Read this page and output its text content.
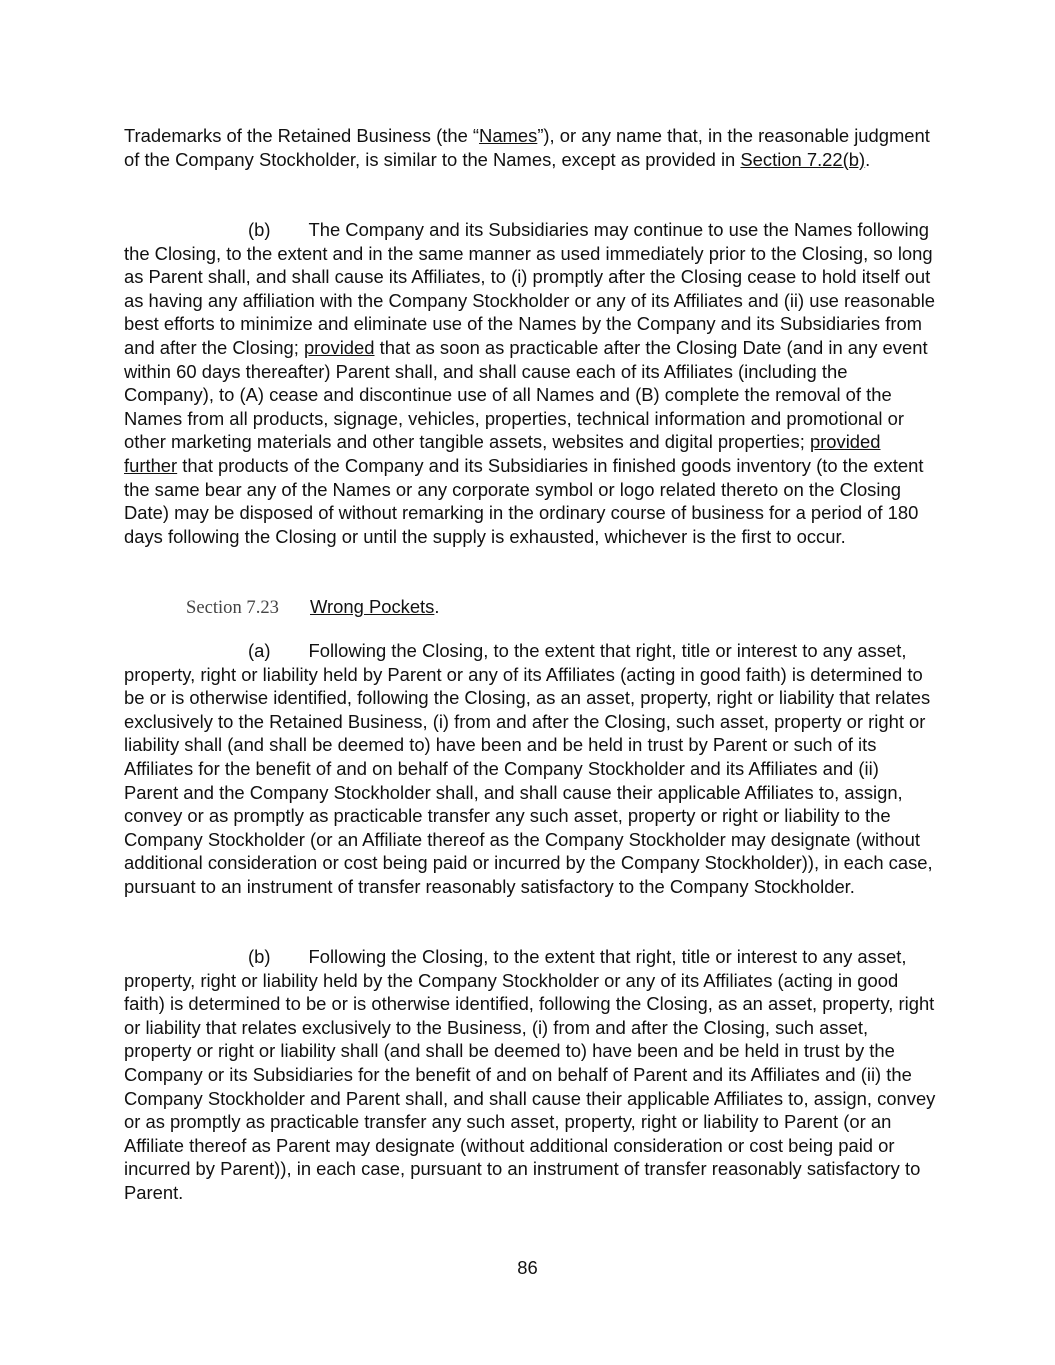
Trademarks of the Retained Business (the “Names”), or any name that, in the reasonable judgment of the Company Stockholder, is similar to the Names, except as provided in Section 7.22(b).

(b) The Company and its Subsidiaries may continue to use the Names following the Closing, to the extent and in the same manner as used immediately prior to the Closing, so long as Parent shall, and shall cause its Affiliates, to (i) promptly after the Closing cease to hold itself out as having any affiliation with the Company Stockholder or any of its Affiliates and (ii) use reasonable best efforts to minimize and eliminate use of the Names by the Company and its Subsidiaries from and after the Closing; provided that as soon as practicable after the Closing Date (and in any event within 60 days thereafter) Parent shall, and shall cause each of its Affiliates (including the Company), to (A) cease and discontinue use of all Names and (B) complete the removal of the Names from all products, signage, vehicles, properties, technical information and promotional or other marketing materials and other tangible assets, websites and digital properties; provided further that products of the Company and its Subsidiaries in finished goods inventory (to the extent the same bear any of the Names or any corporate symbol or logo related thereto on the Closing Date) may be disposed of without remarking in the ordinary course of business for a period of 180 days following the Closing or until the supply is exhausted, whichever is the first to occur.

Section 7.23 Wrong Pockets.

(a) Following the Closing, to the extent that right, title or interest to any asset, property, right or liability held by Parent or any of its Affiliates (acting in good faith) is determined to be or is otherwise identified, following the Closing, as an asset, property, right or liability that relates exclusively to the Retained Business, (i) from and after the Closing, such asset, property or right or liability shall (and shall be deemed to) have been and be held in trust by Parent or such of its Affiliates for the benefit of and on behalf of the Company Stockholder and its Affiliates and (ii) Parent and the Company Stockholder shall, and shall cause their applicable Affiliates to, assign, convey or as promptly as practicable transfer any such asset, property or right or liability to the Company Stockholder (or an Affiliate thereof as the Company Stockholder may designate (without additional consideration or cost being paid or incurred by the Company Stockholder)), in each case, pursuant to an instrument of transfer reasonably satisfactory to the Company Stockholder.

(b) Following the Closing, to the extent that right, title or interest to any asset, property, right or liability held by the Company Stockholder or any of its Affiliates (acting in good faith) is determined to be or is otherwise identified, following the Closing, as an asset, property, right or liability that relates exclusively to the Business, (i) from and after the Closing, such asset, property or right or liability shall (and shall be deemed to) have been and be held in trust by the Company or its Subsidiaries for the benefit of and on behalf of Parent and its Affiliates and (ii) the Company Stockholder and Parent shall, and shall cause their applicable Affiliates to, assign, convey or as promptly as practicable transfer any such asset, property, right or liability to Parent (or an Affiliate thereof as Parent may designate (without additional consideration or cost being paid or incurred by Parent)), in each case, pursuant to an instrument of transfer reasonably satisfactory to Parent.

86
